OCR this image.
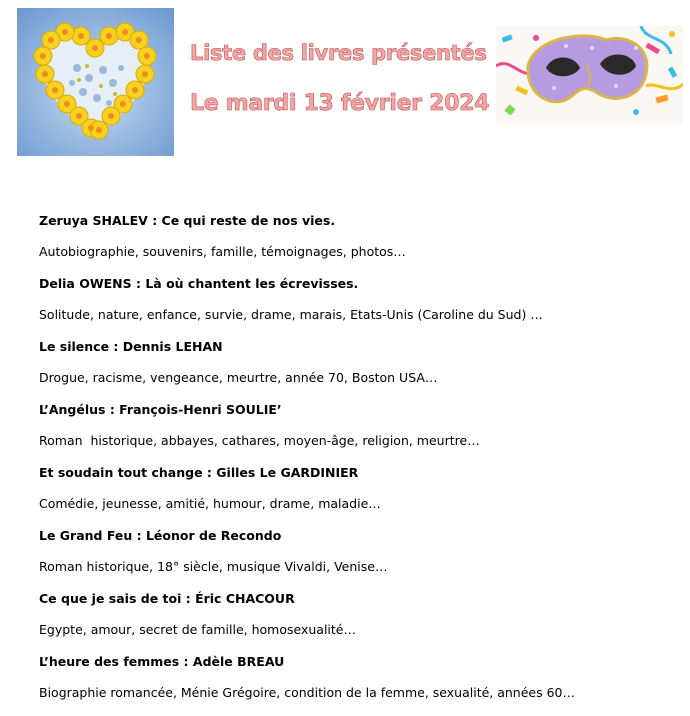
Liste des livres présentés
Le mardi 13 février 2024
Zeruya SHALEV : Ce qui reste de nos vies.
Autobiographie, souvenirs, famille, témoignages, photos…
Delia OWENS : Là où chantent les écrevisses.
Solitude, nature, enfance, survie, drame, marais, Etats-Unis (Caroline du Sud) …
Le silence : Dennis LEHAN
Drogue, racisme, vengeance, meurtre, année 70, Boston USA…
L’Angélus : François-Henri SOULIE’
Roman  historique, abbayes, cathares, moyen-âge, religion, meurtre…
Et soudain tout change : Gilles Le GARDINIER
Comédie, jeunesse, amitié, humour, drame, maladie…
Le Grand Feu : Léonor de Recondo
Roman historique, 18° siècle, musique Vivaldi, Venise…
Ce que je sais de toi : Éric CHACOUR
Egypte, amour, secret de famille, homosexualité…
L’heure des femmes : Adèle BREAU
Biographie romancée, Ménie Grégoire, condition de la femme, sexualité, années 60…
